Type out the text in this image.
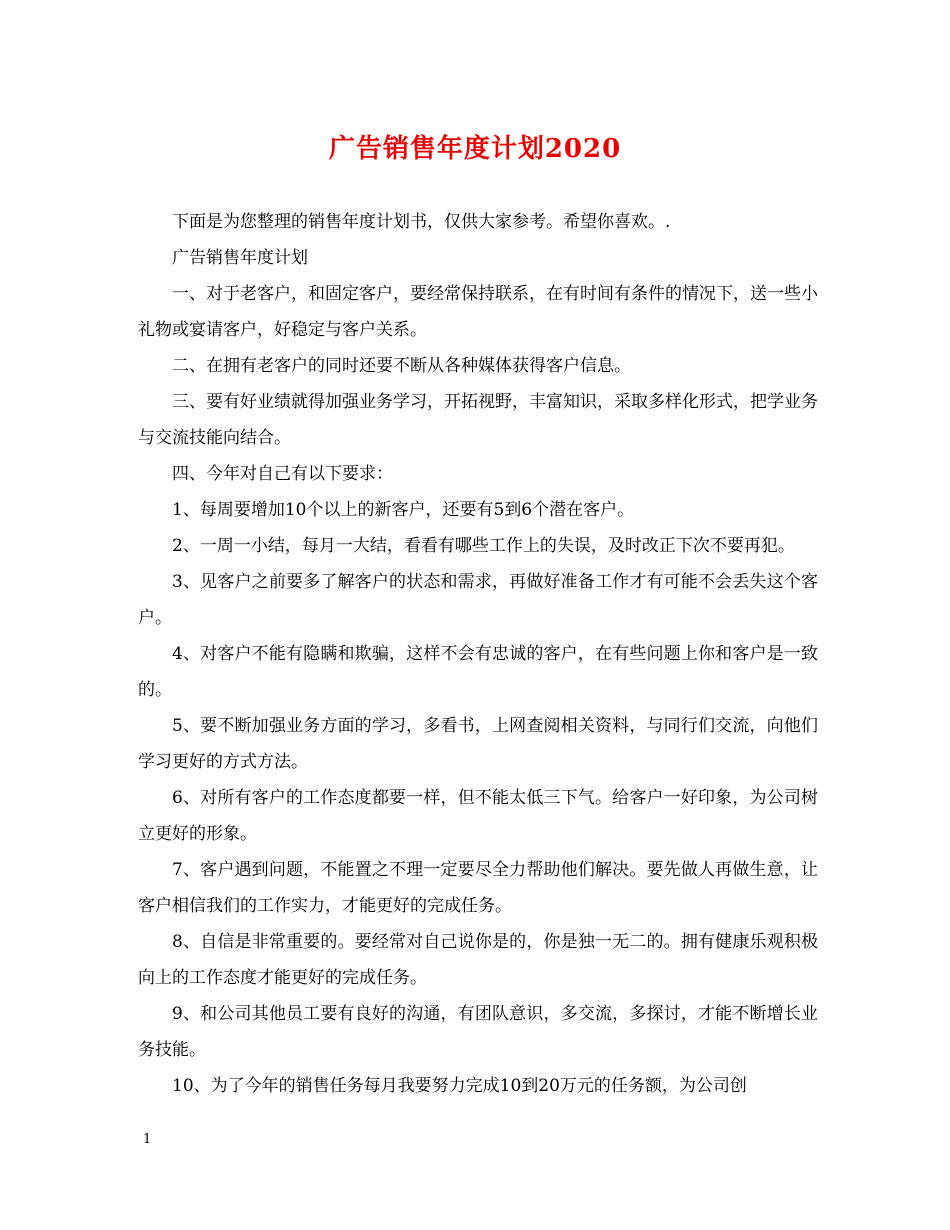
广告销售年度计划2020

下面是为您整理的销售年度计划书，仅供大家参考。希望你喜欢。.

广告销售年度计划

一、对于老客户，和固定客户，要经常保持联系，在有时间有条件的情况下，送一些小礼物或宴请客户，好稳定与客户关系。

二、在拥有老客户的同时还要不断从各种媒体获得客户信息。

三、要有好业绩就得加强业务学习，开拓视野，丰富知识，采取多样化形式，把学业务与交流技能向结合。

四、今年对自己有以下要求：

1、每周要增加10个以上的新客户，还要有5到6个潜在客户。

2、一周一小结，每月一大结，看看有哪些工作上的失误，及时改正下次不要再犯。

3、见客户之前要多了解客户的状态和需求，再做好准备工作才有可能不会丢失这个客户。

4、对客户不能有隐瞒和欺骗，这样不会有忠诚的客户，在有些问题上你和客户是一致的。

5、要不断加强业务方面的学习，多看书，上网查阅相关资料，与同行们交流，向他们学习更好的方式方法。

6、对所有客户的工作态度都要一样，但不能太低三下气。给客户一好印象，为公司树立更好的形象。

7、客户遇到问题，不能置之不理一定要尽全力帮助他们解决。要先做人再做生意，让客户相信我们的工作实力，才能更好的完成任务。

8、自信是非常重要的。要经常对自己说你是的，你是独一无二的。拥有健康乐观积极向上的工作态度才能更好的完成任务。

9、和公司其他员工要有良好的沟通，有团队意识，多交流，多探讨，才能不断增长业务技能。

10、为了今年的销售任务每月我要努力完成10到20万元的任务额，为公司创

1
